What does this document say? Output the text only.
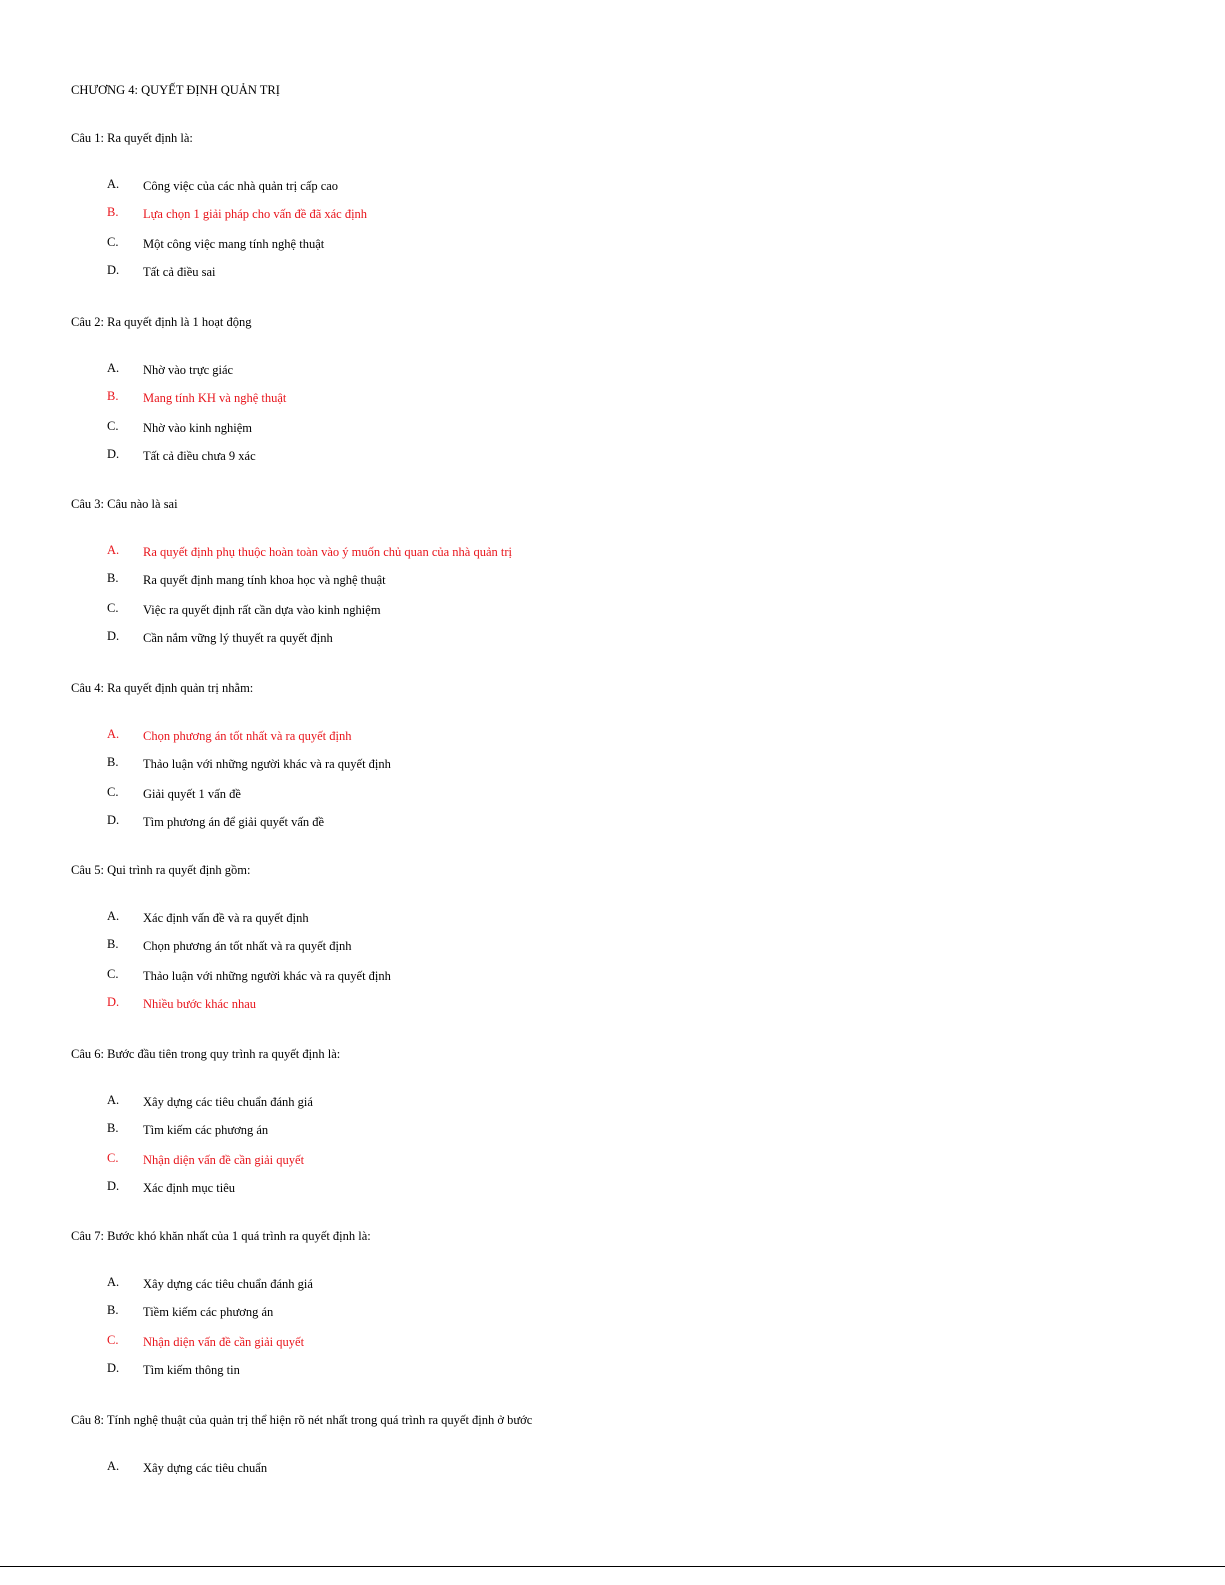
CHƯƠNG 4: QUYẾT ĐỊNH QUẢN TRỊ
Câu 1: Ra quyết định là:
A. Công việc của các nhà quản trị cấp cao
B. Lựa chọn 1 giải pháp cho vấn đề đã xác định
C. Một công việc mang tính nghệ thuật
D. Tất cả điều sai
Câu 2: Ra quyết định là 1 hoạt động
A. Nhờ vào trực giác
B. Mang tính KH và nghệ thuật
C. Nhờ vào kinh nghiệm
D. Tất cả điều chưa 9 xác
Câu 3: Câu nào là sai
A. Ra quyết định phụ thuộc hoàn toàn vào ý muốn chủ quan của nhà quản trị
B. Ra quyết định mang tính khoa học và nghệ thuật
C. Việc ra quyết định rất cần dựa vào kinh nghiệm
D. Cần nắm vững lý thuyết ra quyết định
Câu 4: Ra quyết định quản trị nhằm:
A. Chọn phương án tốt nhất và ra quyết định
B. Thảo luận với những người khác và ra quyết định
C. Giải quyết 1 vấn đề
D. Tìm phương án để giải quyết vấn đề
Câu 5: Qui trình ra quyết định gồm:
A. Xác định vấn đề và ra quyết định
B. Chọn phương án tốt nhất và ra quyết định
C. Thảo luận với những người khác và ra quyết định
D. Nhiều bước khác nhau
Câu 6: Bước đầu tiên trong quy trình ra quyết định là:
A. Xây dựng các tiêu chuẩn đánh giá
B. Tìm kiếm các phương án
C. Nhận diện vấn đề cần giải quyết
D. Xác định mục tiêu
Câu 7: Bước khó khăn nhất của 1 quá trình ra quyết định là:
A. Xây dựng các tiêu chuẩn đánh giá
B. Tiềm kiếm các phương án
C. Nhận diện vấn đề cần giải quyết
D. Tìm kiếm thông tin
Câu 8: Tính nghệ thuật của quản trị thể hiện rõ nét nhất trong quá trình ra quyết định ở bước
A. Xây dựng các tiêu chuẩn
